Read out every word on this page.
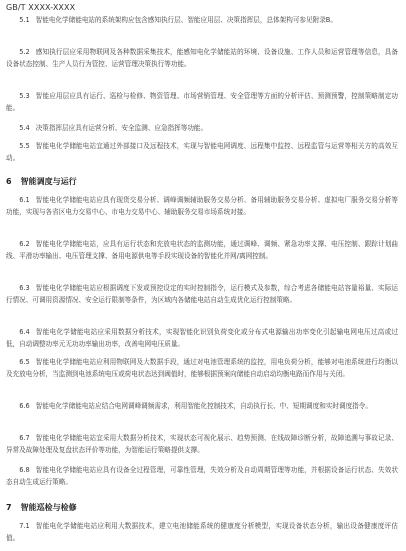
GB/T XXXX-XXXX

5.1 智能电化学储能电站的系统架构应包含感知执行层、智能应用层、决策指挥层，总体架构可参见附录B。

5.2 感知执行层应采用物联网及各种数据采集技术，能感知电化学储能站的环境、设备设施、工作人员和运营管理等信息，具备设备状态控制、生产人员行为管控、运营管理决策执行等功能。

5.3 智能应用层应具有运行、巡检与检修、物资管理、市场营销管理、安全管理等方面的分析评估、预测预警，控制策略制定功能。

5.4 决策指挥层应具有运营分析、安全监测、应急指挥等功能。

5.5 智能电化学储能电站宜通过外部接口及远程技术，实现与智能电网调度、远程集中监控、远程监管与运营等相关方的高效互动。

6 智能调度与运行

6.1 智能电化学储能电站应具有现货交易分析、调峰调频辅助服务交易分析、备用辅助服务交易分析、虚拟电厂服务交易分析等功能，实现与各省区电力交易中心、市电力交易中心、辅助服务交易市场系统对接。

6.2 智能电化学储能电站，应具有运行状态和充放电状态的监测功能，通过调峰、调频、紧急功率支撑、电压控制、跟踪计划曲线、平滑功率输出、电压管理支撑、备用电源供电等手段实现设备的智能化并网/离网控制。

6.3 智能电化学储能电站应根据调度下发或预控设定的实时控制指令，运行模式及参数，综合考虑各储能电站容量裕量、实际运行情况、可调用资源情况、安全运行限制等条件，为区域内各储能电站自动生成优化运行控制策略。

6.4 智能电化学储能电站应采用数据分析技术，实现智能化识别负荷变化或分布式电源输出功率变化引起输电网电压过高或过低，自动调整功率元无功功率输出功率，改善电网电压质量。

6.5 智能电化学储能电站应利用物联网及大数据手段，通过对电池管理系统的监控，用电负荷分析，能够对电池系统进行均衡以及充放电分析，当监测到电池系统电压或荷电状态达到阈值时，能够根据预案向储能自动启动均衡电路而作用与关闭。

6.6 智能电化学储能电站应结合电网调峰调频需求，利用智能化控制技术，自动执行长、中、短期调度和实时调度指令。

6.7 智能电化学储能电站宜采用大数据分析技术，实现状态可视化展示、趋势预测、在线故障诊断分析，故障追溯与事故记录、异常及故障处理及复盘状态评价等功能，为智能运行策略提供支撑。

6.8 智能电化学储能电站应具有设备全过程管理，可靠性管理，失效分析及自动周期管理等功能，并根据设备运行状态、失效状态自动生成运行策略。

7 智能巡检与检修

7.1 智能电化学储能电站应利用大数据技术，建立电池储能系统的健康度分析模型，实现设备状态分析，输出设备健康度评估值。
